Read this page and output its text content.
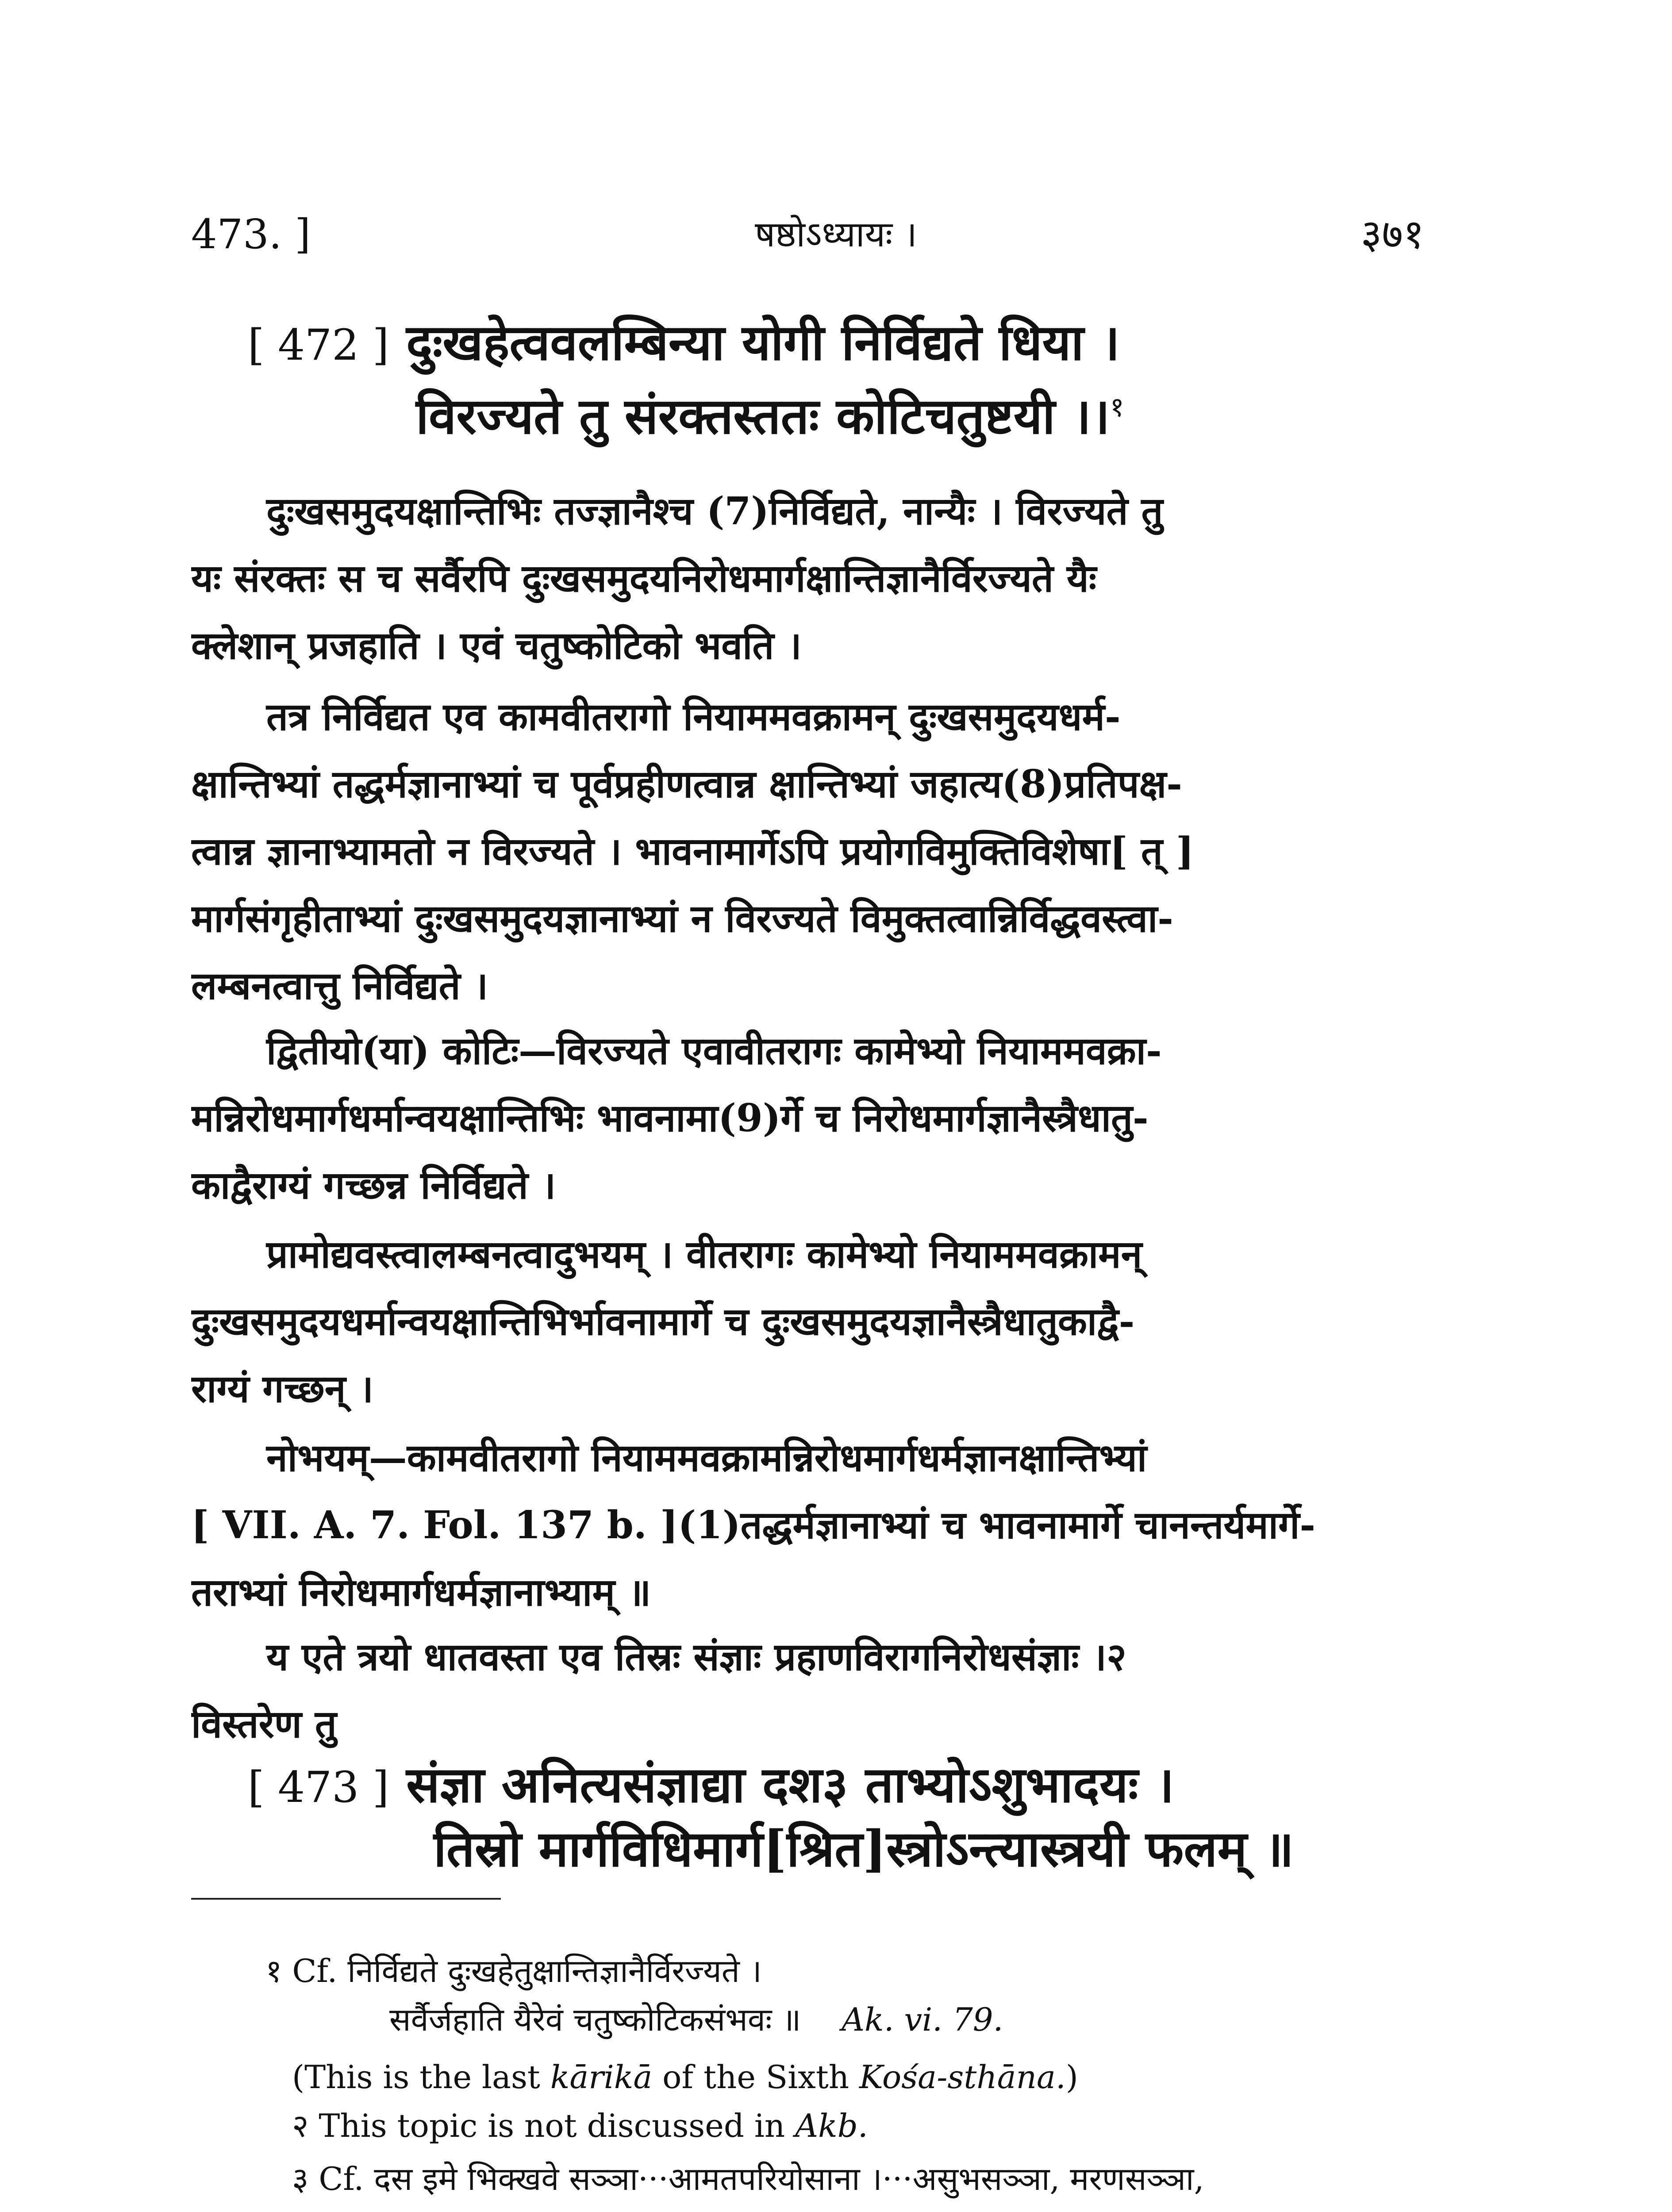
473. ]	षष्ठोऽध्यायः ।	३७१
[ 472 ] दुःखहेत्ववलम्बिन्या योगी निर्विद्यते धिया ।
विरज्यते तु संरक्तस्ततः कोटिचतुष्टयी ।।$^१$
दुःखसमुदयक्षान्तिभिः तज्ज्ञानैश्च (7)निर्विद्यते, नान्यैः । विरज्यते तु
यः संरक्तः स च सर्वैरपि दुःखसमुदयनिरोधमार्गक्षान्तिज्ञानैर्विरज्यते यैः
क्लेशान् प्रजहाति । एवं चतुष्कोटिको भवति ।
तत्र निर्विद्यत एव कामवीतरागो नियाममवक्रामन् दुःखसमुदयधर्म-
क्षान्तिभ्यां तद्धर्मज्ञानाभ्यां च पूर्वप्रहीणत्वान्न क्षान्तिभ्यां जहात्य(8)प्रतिपक्ष-
त्वान्न ज्ञानाभ्यामतो न विरज्यते । भावनामार्गेऽपि प्रयोगविमुक्तिविशेषा[ त् ]
मार्गसंगृहीताभ्यां दुःखसमुदयज्ञानाभ्यां न विरज्यते विमुक्तत्वान्निर्विद्धवस्त्वा-
लम्बनत्वात्तु निर्विद्यते ।
द्वितीयो(या) कोटिः—विरज्यते एवावीतरागः कामेभ्यो नियाममवक्रा-
मन्निरोधमार्गधर्मान्वयक्षान्तिभिः भावनामा(9)र्गे च निरोधमार्गज्ञानैस्त्रैधातु-
काद्वैराग्यं गच्छन्न निर्विद्यते ।
प्रामोद्यवस्त्वालम्बनत्वादुभयम् । वीतरागः कामेभ्यो नियाममवक्रामन्
दुःखसमुदयधर्मान्वयक्षान्तिभिर्भावनामार्गे च दुःखसमुदयज्ञानैस्त्रैधातुकाद्वै-
राग्यं गच्छन् ।
नोभयम्—कामवीतरागो नियाममवक्रामन्निरोधमार्गधर्मज्ञानक्षान्तिभ्यां
[ VII. A. 7. Fol. 137 b. ](1)तद्धर्मज्ञानाभ्यां च भावनामार्गे चानन्तर्यमार्गे-
तराभ्यां निरोधमार्गधर्मज्ञानाभ्याम् ॥
य एते त्रयो धातवस्ता एव तिस्रः संज्ञाः प्रहाणविरागनिरोधसंज्ञाः ।२
विस्तरेण तु
[ 473 ] संज्ञा अनित्यसंज्ञाद्या दश३ ताभ्योऽशुभादयः ।
तिस्रो मार्गविधिमार्ग[श्रित]स्त्रोऽन्त्यास्त्रयी फलम् ॥
१ Cf. निर्विद्यते दुःखहेतुक्षान्तिज्ञानैर्विरज्यते ।
सर्वैर्जहाति यैरेवं चतुष्कोटिकसंभवः ॥ Ak. vi. 79.
(This is the last kārikā of the Sixth Kośa-sthāna.)
२ This topic is not discussed in Akb.
३ Cf. दस इमे भिक्खवे सञ्ञा···आमतपरियोसाना ।···असुभसञ्ञा, मरणसञ्ञा,
